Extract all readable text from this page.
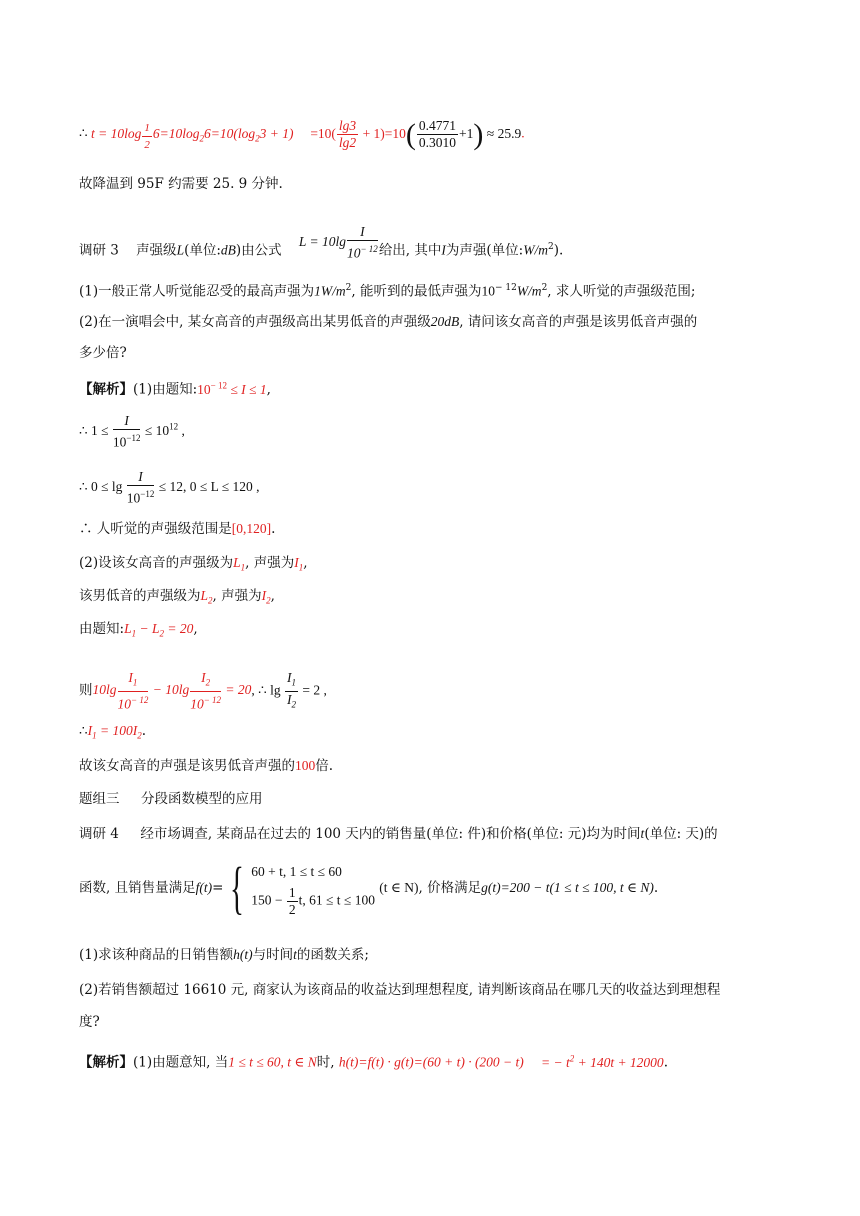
∴ $t = 10\log \frac{1}{2} 6=10\log_26=10(\log_23 + 1) =10( \frac{\lg 3}{\lg 2} + 1)=10( \frac{0.4771}{0.3010} +1) \approx 25.9$.
故降温到 95F 约需要 25. 9 分钟.
调研 3 声强级L(单位:dB)由公式    $L = 10\lg \frac{I}{10^{- 12}}$ 给出, 其中I为声强(单位$:W/m^2$).
(1)一般正常人听觉能忍受的最高声强为$1W/m^2$, 能听到的最低声强为$10^{- 12}W/m^2$, 求人听觉的声强级范围;
(2)在一演唱会中, 某女高音的声强级高出某男低音的声强级20dB, 请问该女高音的声强是该男低音声强的
多少倍?
【解析】(1)由题知$:10^{- 12} \le I \le 1$,
∴ $1 \le \frac{I}{10^{-12}} \le 10^{12}$ ,
∴ $0 \le \lg \frac{I}{10^{-12}} \le 12$, 0 ≤ L ≤ 120 ,
∴ 人听觉的声强级范围是[0,120].
(2)设该女高音的声强级为$L_1$, 声强为$I_1$,
该男低音的声强级为$L_2$, 声强为$I_2$,
由题知$:L_1 - L_2 = 20$,
则$10\lg \frac{I_1}{10^{- 12}} - 10\lg \frac{I_2}{10^{- 12}} = 20$, ∴ $\lg \frac{I_1}{I_2} = 2$ ,
$\therefore I_1 = 100I_2$.
故该女高音的声强是该男低音声强的100倍.
题组三 分段函数模型的应用
调研 4 经市场调查, 某商品在过去的 100 天内的销售量(单位: 件)和价格(单位: 元)均为时间t(单位: 天)的
函数, 且销售量满足f(t)= { 60 + t, 1 ≤ t ≤ 60
$150 - \frac{1}{2} t$, 61 ≤ t ≤ 100
(t ∈ N), 价格满足g(t)=200 − t(1 ≤ t ≤ 100, t ∈ N).
(1)求该种商品的日销售额h(t)与时间t的函数关系;
(2)若销售额超过 16610 元, 商家认为该商品的收益达到理想程度, 请判断该商品在哪几天的收益达到理想程
度?
【解析】(1)由题意知, 当1 ≤ t ≤ 60, t ∈ N时, h(t)=f(t) · g(t)=(60 + t) · (200 − t) = − $t^2 + 140t + 12000$.
